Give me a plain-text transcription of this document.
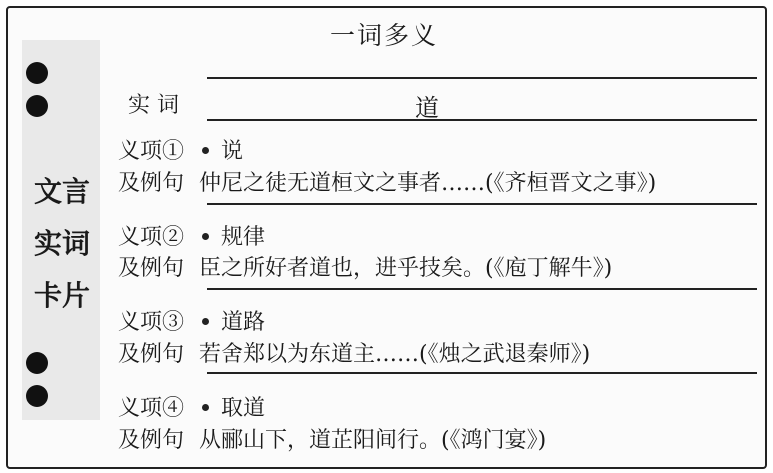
一词多义
文言
实词
卡片
实 词	道
义项① 说
及例句 仲尼之徒无道桓文之事者……(《齐桓晋文之事》)
义项② 规律
及例句 臣之所好者道也，进乎技矣。(《庖丁解牛》)
义项③ 道路
及例句 若舍郑以为东道主……(《烛之武退秦师》)
义项④ 取道
及例句 从郦山下，道芷阳间行。(《鸿门宴》)
